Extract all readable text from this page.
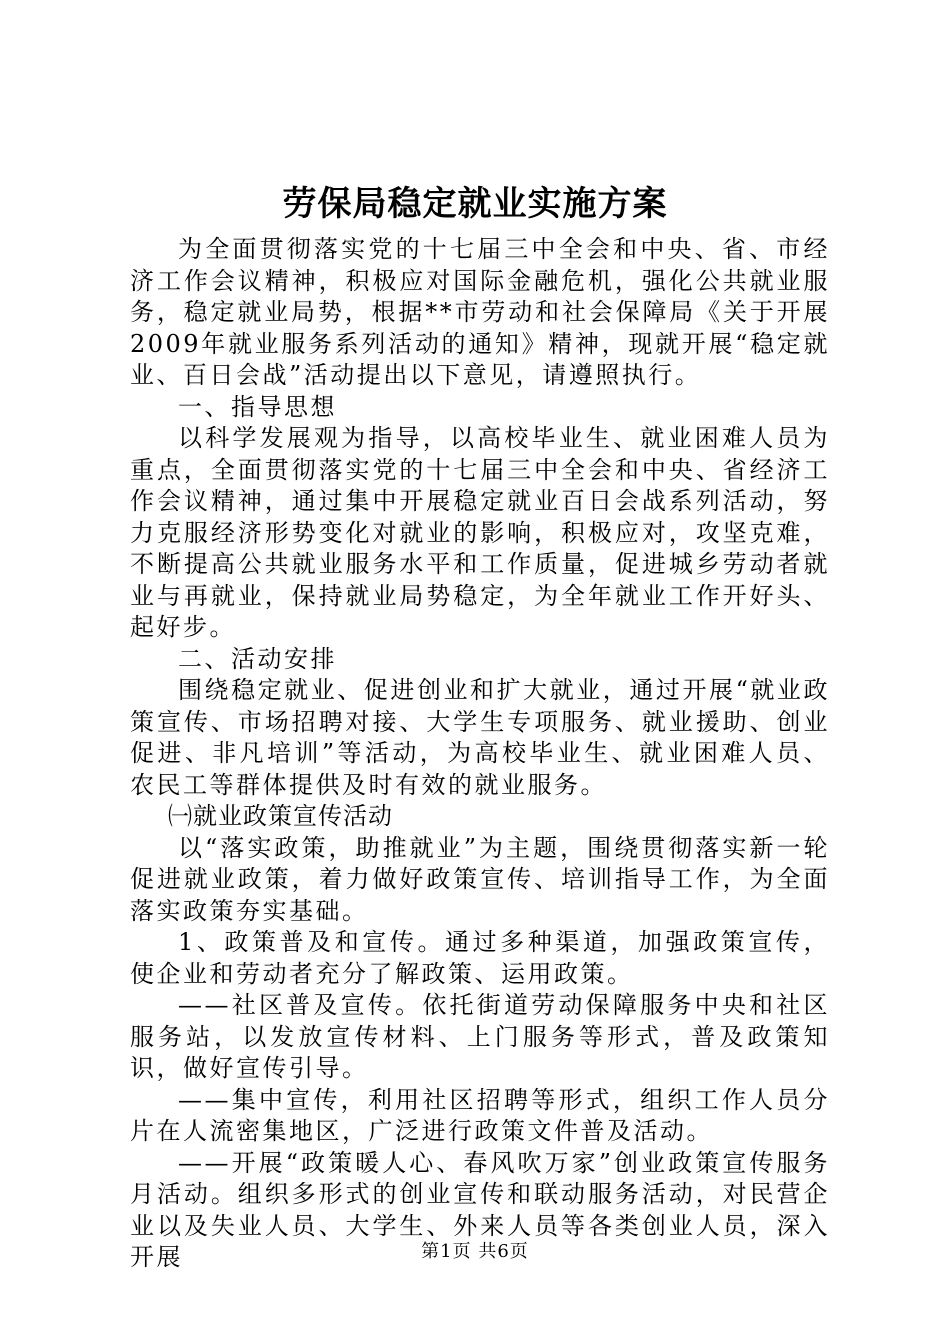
劳保局稳定就业实施方案

为全面贯彻落实党的十七届三中全会和中央、省、市经济工作会议精神，积极应对国际金融危机，强化公共就业服务，稳定就业局势，根据**市劳动和社会保障局《关于开展2009年就业服务系列活动的通知》精神，现就开展“稳定就业、百日会战”活动提出以下意见，请遵照执行。

一、指导思想

以科学发展观为指导，以高校毕业生、就业困难人员为重点，全面贯彻落实党的十七届三中全会和中央、省经济工作会议精神，通过集中开展稳定就业百日会战系列活动，努力克服经济形势变化对就业的影响，积极应对，攻坚克难，不断提高公共就业服务水平和工作质量，促进城乡劳动者就业与再就业，保持就业局势稳定，为全年就业工作开好头、起好步。

二、活动安排

围绕稳定就业、促进创业和扩大就业，通过开展“就业政策宣传、市场招聘对接、大学生专项服务、就业援助、创业促进、非凡培训”等活动，为高校毕业生、就业困难人员、农民工等群体提供及时有效的就业服务。

㈠就业政策宣传活动

以“落实政策，助推就业”为主题，围绕贯彻落实新一轮促进就业政策，着力做好政策宣传、培训指导工作，为全面落实政策夯实基础。

1、政策普及和宣传。通过多种渠道，加强政策宣传，使企业和劳动者充分了解政策、运用政策。

——社区普及宣传。依托街道劳动保障服务中央和社区服务站，以发放宣传材料、上门服务等形式，普及政策知识，做好宣传引导。

——集中宣传，利用社区招聘等形式，组织工作人员分片在人流密集地区，广泛进行政策文件普及活动。

——开展“政策暖人心、春风吹万家”创业政策宣传服务月活动。组织多形式的创业宣传和联动服务活动，对民营企业以及失业人员、大学生、外来人员等各类创业人员，深入开展	第1页 共6页
